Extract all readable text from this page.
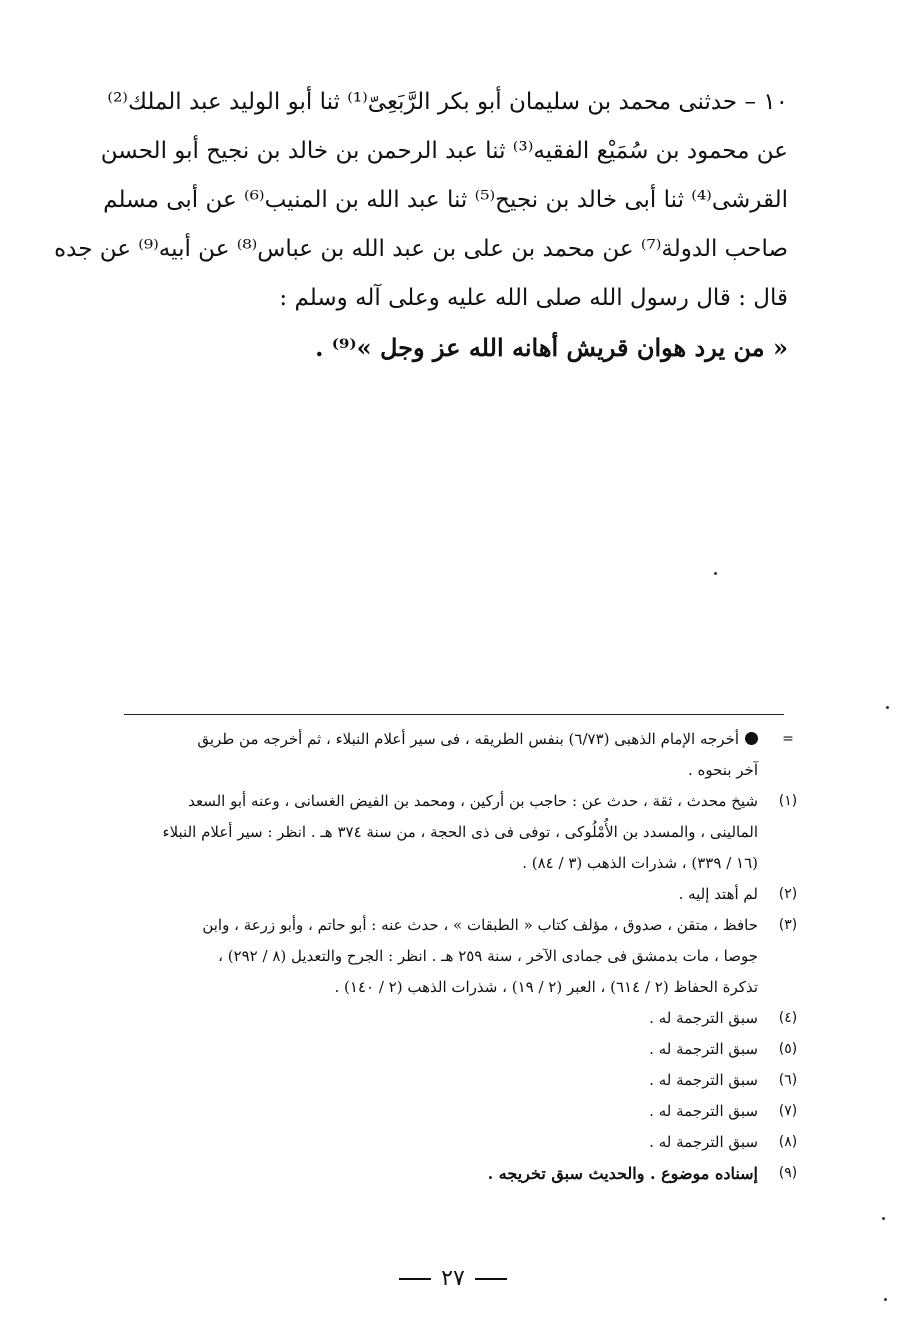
١٠ – حدثنى محمد بن سليمان أبو بكر الرَّبَعِىّ⁽¹⁾ ثنا أبو الوليد عبد الملك⁽²⁾
عن محمود بن سُمَيْع الفقيه⁽³⁾ ثنا عبد الرحمن بن خالد بن نجيح أبو الحسن
القرشى⁽⁴⁾ ثنا أبى خالد بن نجيح⁽⁵⁾ ثنا عبد الله بن المنيب⁽⁶⁾ عن أبى مسلم
صاحب الدولة⁽⁷⁾ عن محمد بن على بن عبد الله بن عباس⁽⁸⁾ عن أبيه⁽⁹⁾ عن جده
قال : قال رسول الله صلى الله عليه وعلى آله وسلم :
« من يرد هوان قريش أهانه الله عز وجل »⁽⁹⁾ .
=
أخرجه الإمام الذهبى (٦/٧٣) بنفس الطريقه ، فى سير أعلام النبلاء ، ثم أخرجه من طريق
آخر بنحوه .
(١)
شيخ محدث ، ثقة ، حدث عن : حاجب بن أركين ، ومحمد بن الفيض الغسانى ، وعنه أبو السعد
المالينى ، والمسدد بن الأُمْلُوكى ، توفى فى ذى الحجة ، من سنة ٣٧٤ هـ . انظر : سير أعلام النبلاء
(١٦ / ٣٣٩) ، شذرات الذهب (٣ / ٨٤) .
(٢)
لم أهتد إليه .
(٣)
حافظ ، متقن ، صدوق ، مؤلف كتاب « الطبقات » ، حدث عنه : أبو حاتم ، وأبو زرعة ، وابن
جوصا ، مات بدمشق فى جمادى الآخر ، سنة ٢٥٩ هـ . انظر : الجرح والتعديل (٨ / ٢٩٢) ،
تذكرة الحفاظ (٢ / ٦١٤) ، العبر (٢ / ١٩) ، شذرات الذهب (٢ / ١٤٠) .
(٤)
سبق الترجمة له .
(٥)
سبق الترجمة له .
(٦)
سبق الترجمة له .
(٧)
سبق الترجمة له .
(٨)
سبق الترجمة له .
(٩)
إسناده موضوع . والحديث سبق تخريجه .
٢٧
